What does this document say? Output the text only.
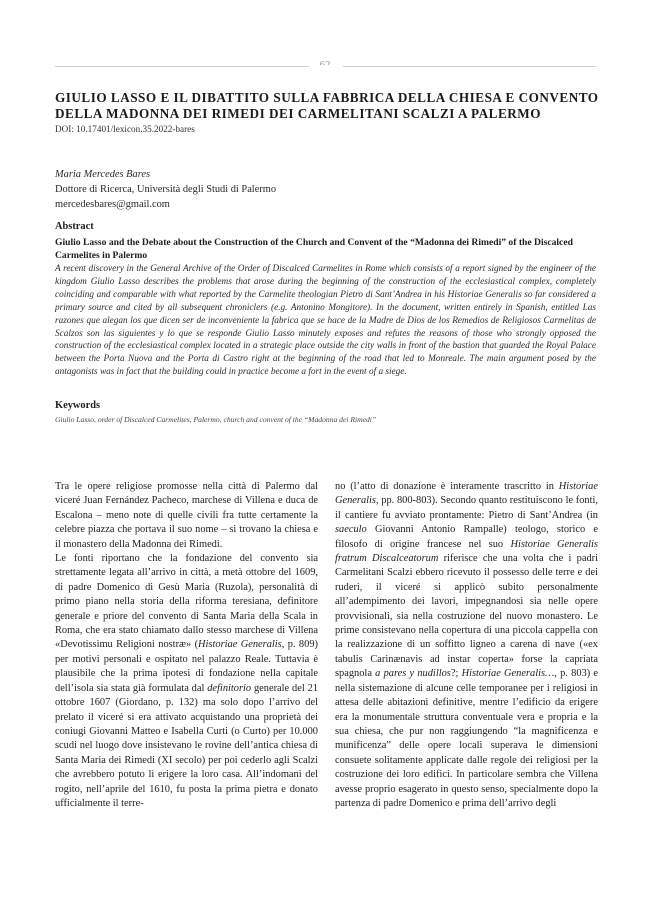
GIULIO LASSO E IL DIBATTITO SULLA FABBRICA DELLA CHIESA E CONVENTO DELLA MADONNA DEI RIMEDI DEI CARMELITANI SCALZI A PALERMO
DOI: 10.17401/lexicon.35.2022-bares
Maria Mercedes Bares
Dottore di Ricerca, Università degli Studi di Palermo
mercedesbares@gmail.com
Abstract
Giulio Lasso and the Debate about the Construction of the Church and Convent of the “Madonna dei Rimedi” of the Discalced Carmelites in Palermo

A recent discovery in the General Archive of the Order of Discalced Carmelites in Rome which consists of a report signed by the engineer of the kingdom Giulio Lasso describes the problems that arose during the beginning of the construction of the ecclesiastical complex, completely coinciding and comparable with what reported by the Carmelite theologian Pietro di Sant’Andrea in his Historiae Generalis so far considered a primary source and cited by all subsequent chroniclers (e.g. Antonino Mongitore). In the document, written entirely in Spanish, entitled Las razones que alegan los que dicen ser de inconveniente la fabrica que se hace de la Madre de Dios de los Remedios de Religiosos Carmelitas de Scalzos son las siguientes y lo que se responde Giulio Lasso minutely exposes and refutes the reasons of those who strongly opposed the construction of the ecclesiastical complex located in a strategic place outside the city walls in front of the bastion that guarded the Royal Palace between the Porta Nuova and the Porta di Castro right at the beginning of the road that led to Monreale. The main argument posed by the antagonists was in fact that the building could in practice become a fort in the event of a siege.

Keywords
Giulio Lasso, order of Discalced Carmelites, Palermo, church and convent of the “Madonna dei Rimedi”

Tra le opere religiose promosse nella città di Palermo dal viceré Juan Fernández Pacheco, marchese di Villena e duca de Escalona – meno note di quelle civili fra tutte certamente la celebre piazza che portava il suo nome – si trovano la chiesa e il monastero della Madonna dei Rimedi.

Le fonti riportano che la fondazione del convento sia strettamente legata all’arrivo in città, a metà ottobre del 1609, di padre Domenico di Gesù Maria (Ruzola), personalità di primo piano nella storia della riforma teresiana, definitore generale e priore del convento di Santa Maria della Scala in Roma, che era stato chiamato dallo stesso marchese di Villena «Devotissimu Religioni nostræ» (Historiae Generalis, p. 809) per motivi personali e ospitato nel palazzo Reale. Tuttavia è plausibile che la prima ipotesi di fondazione nella capitale dell’isola sia stata già formulata dal definitorio generale del 21 ottobre 1607 (Giordano, p. 132) ma solo dopo l’arrivo del prelato il viceré si era attivato acquistando una proprietà dei coniugi Giovanni Matteo e Isabella Curti (o Curto) per 10.000 scudi nel luogo dove insistevano le rovine dell’antica chiesa di Santa Maria dei Rimedi (XI secolo) per poi cederlo agli Scalzi che avrebbero potuto lì erigere la loro casa. All’indomani del rogito, nell’aprile del 1610, fu posta la prima pietra e donato ufficialmente il terre-

no (l’atto di donazione è interamente trascritto in Historiae Generalis, pp. 800-803). Secondo quanto restituiscono le fonti, il cantiere fu avviato prontamente: Pietro di Sant’Andrea (in saeculo Giovanni Antonio Rampalle) teologo, storico e filosofo di origine francese nel suo Historiae Generalis fratrum Discalceatorum riferisce che una volta che i padri Carmelitani Scalzi ebbero ricevuto il possesso delle terre e dei ruderi, il viceré si applicò subito personalmente all’adempimento dei lavori, impegnandosi sia nelle opere provvisionali, sia nella costruzione del nuovo monastero. Le prime consistevano nella copertura di una piccola cappella con la realizzazione di un soffitto ligneo a carena di nave («ex tabulis Carinænavis ad instar coperta» forse la capriata spagnola a pares y nudillos?; Historiae Generalis…, p. 803) e nella sistemazione di alcune celle temporanee per i religiosi in attesa delle abitazioni definitive, mentre l’edificio da erigere era la monumentale struttura conventuale vera e propria e la sua chiesa, che pur non raggiungendo “la magnificenza e munificenza” delle opere locali superava le dimensioni consuete solitamente applicate dalle regole dei religiosi per la costruzione dei loro edifici. In particolare sembra che Villena avesse proprio esagerato in questo senso, specialmente dopo la partenza di padre Domenico e prima dell’arrivo degli
